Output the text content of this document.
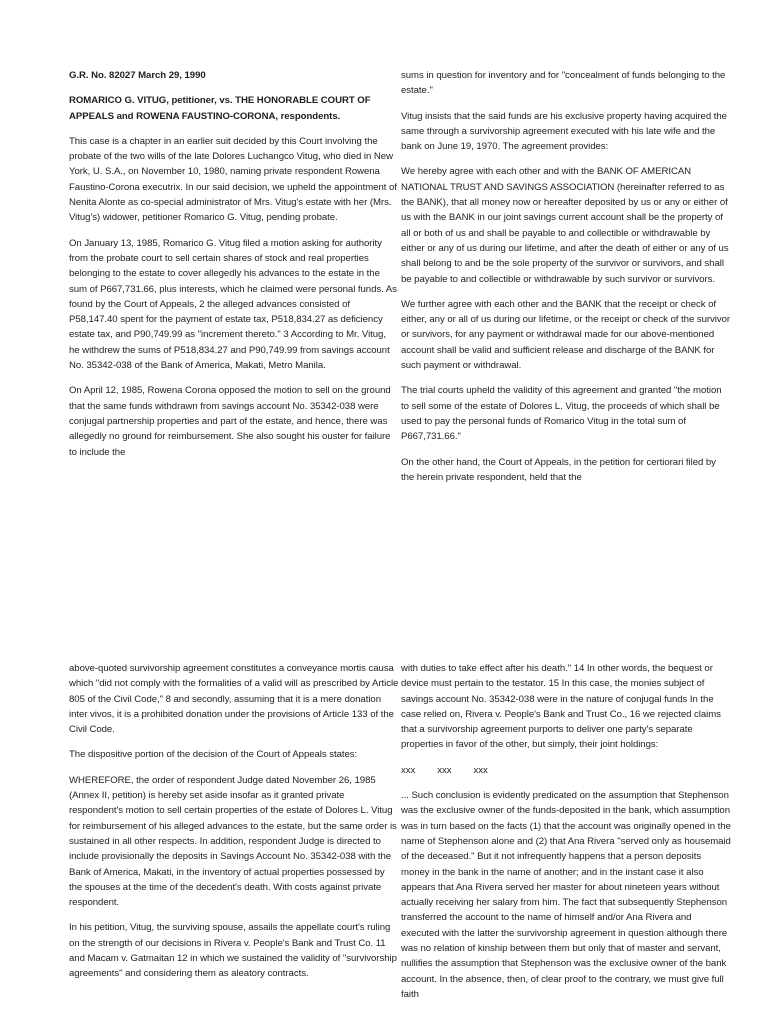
G.R. No. 82027 March 29, 1990

ROMARICO G. VITUG, petitioner, vs. THE HONORABLE COURT OF APPEALS and ROWENA FAUSTINO-CORONA, respondents.

This case is a chapter in an earlier suit decided by this Court involving the probate of the two wills of the late Dolores Luchangco Vitug, who died in New York, U. S.A., on November 10, 1980, naming private respondent Rowena Faustino-Corona executrix. In our said decision, we upheld the appointment of Nenita Alonte as co-special administrator of Mrs. Vitug's estate with her (Mrs. Vitug's) widower, petitioner Romarico G. Vitug, pending probate.

On January 13, 1985, Romarico G. Vitug filed a motion asking for authority from the probate court to sell certain shares of stock and real properties belonging to the estate to cover allegedly his advances to the estate in the sum of P667,731.66, plus interests, which he claimed were personal funds. As found by the Court of Appeals, 2 the alleged advances consisted of P58,147.40 spent for the payment of estate tax, P518,834.27 as deficiency estate tax, and P90,749.99 as "increment thereto." 3 According to Mr. Vitug, he withdrew the sums of P518,834.27 and P90,749.99 from savings account No. 35342-038 of the Bank of America, Makati, Metro Manila.

On April 12, 1985, Rowena Corona opposed the motion to sell on the ground that the same funds withdrawn from savings account No. 35342-038 were conjugal partnership properties and part of the estate, and hence, there was allegedly no ground for reimbursement. She also sought his ouster for failure to include the

sums in question for inventory and for "concealment of funds belonging to the estate."

Vitug insists that the said funds are his exclusive property having acquired the same through a survivorship agreement executed with his late wife and the bank on June 19, 1970. The agreement provides:

We hereby agree with each other and with the BANK OF AMERICAN NATIONAL TRUST AND SAVINGS ASSOCIATION (hereinafter referred to as the BANK), that all money now or hereafter deposited by us or any or either of us with the BANK in our joint savings current account shall be the property of all or both of us and shall be payable to and collectible or withdrawable by either or any of us during our lifetime, and after the death of either or any of us shall belong to and be the sole property of the survivor or survivors, and shall be payable to and collectible or withdrawable by such survivor or survivors.

We further agree with each other and the BANK that the receipt or check of either, any or all of us during our lifetime, or the receipt or check of the survivor or survivors, for any payment or withdrawal made for our above-mentioned account shall be valid and sufficient release and discharge of the BANK for such payment or withdrawal.

The trial courts upheld the validity of this agreement and granted "the motion to sell some of the estate of Dolores L. Vitug, the proceeds of which shall be used to pay the personal funds of Romarico Vitug in the total sum of P667,731.66."

On the other hand, the Court of Appeals, in the petition for certiorari filed by the herein private respondent, held that the

above-quoted survivorship agreement constitutes a conveyance mortis causa which "did not comply with the formalities of a valid will as prescribed by Article 805 of the Civil Code," 8 and secondly, assuming that it is a mere donation inter vivos, it is a prohibited donation under the provisions of Article 133 of the Civil Code.

The dispositive portion of the decision of the Court of Appeals states:

WHEREFORE, the order of respondent Judge dated November 26, 1985 (Annex II, petition) is hereby set aside insofar as it granted private respondent's motion to sell certain properties of the estate of Dolores L. Vitug for reimbursement of his alleged advances to the estate, but the same order is sustained in all other respects. In addition, respondent Judge is directed to include provisionally the deposits in Savings Account No. 35342-038 with the Bank of America, Makati, in the inventory of actual properties possessed by the spouses at the time of the decedent's death. With costs against private respondent.

In his petition, Vitug, the surviving spouse, assails the appellate court's ruling on the strength of our decisions in Rivera v. People's Bank and Trust Co. 11 and Macam v. Gatmaitan 12 in which we sustained the validity of "survivorship agreements" and considering them as aleatory contracts.

with duties to take effect after his death." 14 In other words, the bequest or device must pertain to the testator. 15 In this case, the monies subject of savings account No. 35342-038 were in the nature of conjugal funds In the case relied on, Rivera v. People's Bank and Trust Co., 16 we rejected claims that a survivorship agreement purports to deliver one party's separate properties in favor of the other, but simply, their joint holdings:

xxx xxx xxx

... Such conclusion is evidently predicated on the assumption that Stephenson was the exclusive owner of the funds-deposited in the bank, which assumption was in turn based on the facts (1) that the account was originally opened in the name of Stephenson alone and (2) that Ana Rivera "served only as housemaid of the deceased." But it not infrequently happens that a person deposits money in the bank in the name of another; and in the instant case it also appears that Ana Rivera served her master for about nineteen years without actually receiving her salary from him. The fact that subsequently Stephenson transferred the account to the name of himself and/or Ana Rivera and executed with the latter the survivorship agreement in question although there was no relation of kinship between them but only that of master and servant, nullifies the assumption that Stephenson was the exclusive owner of the bank account. In the absence, then, of clear proof to the contrary, we must give full faith
